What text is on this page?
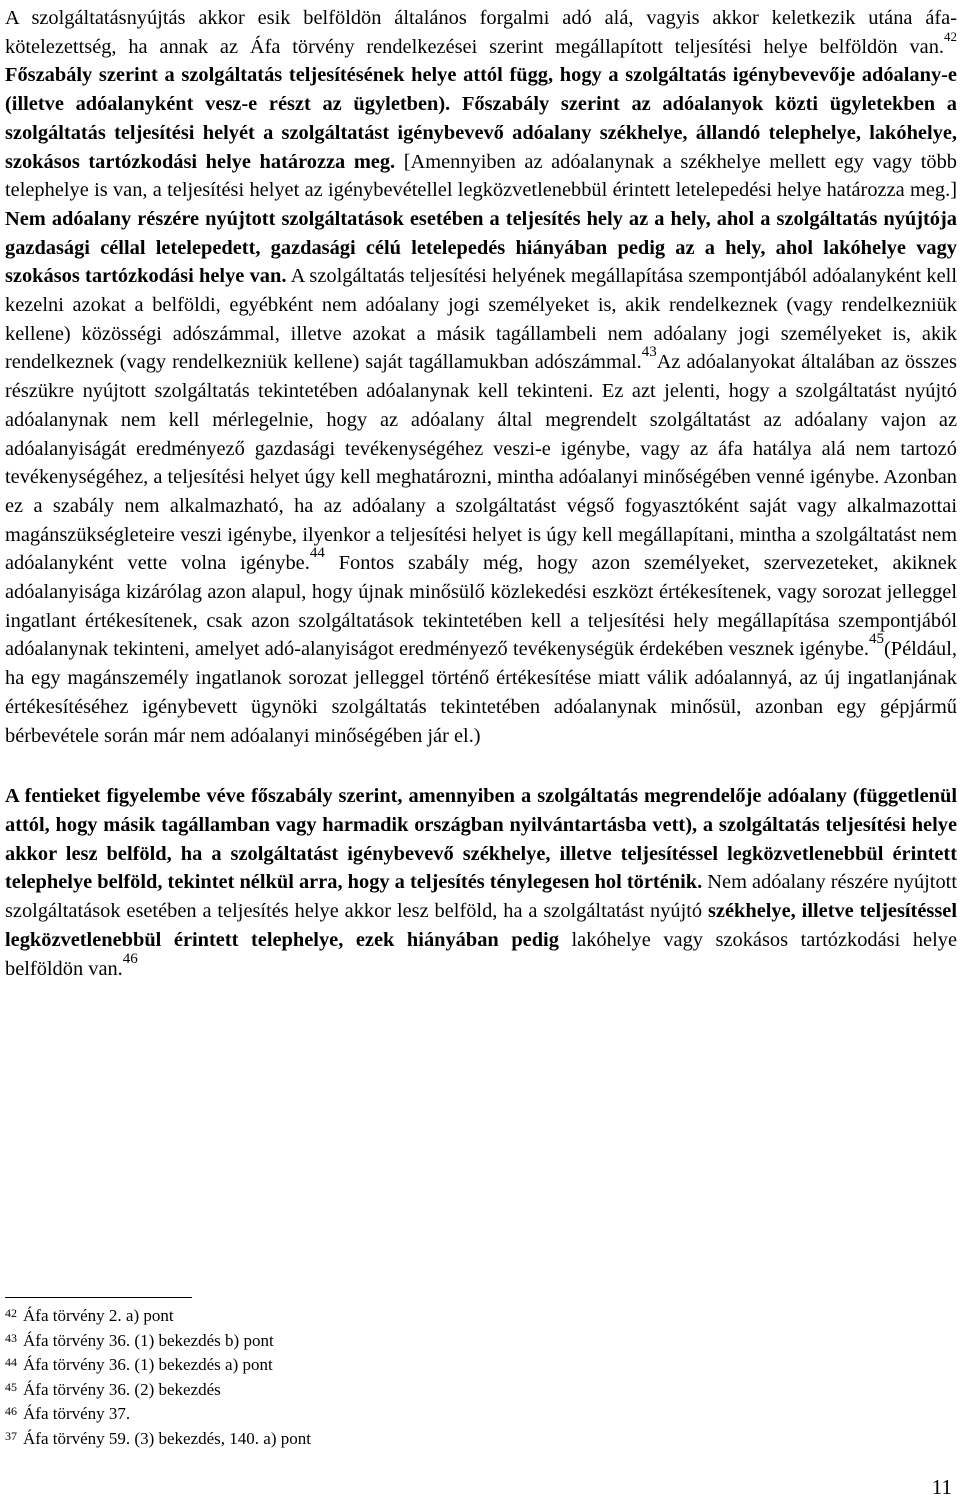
A szolgáltatásnyújtás akkor esik belföldön általános forgalmi adó alá, vagyis akkor keletkezik utána áfa-kötelezettség, ha annak az Áfa törvény rendelkezései szerint megállapított teljesítési helye belföldön van.$^{42}$ Főszabály szerint a szolgáltatás teljesítésének helye attól függ, hogy a szolgáltatás igénybevevője adóalany-e (illetve adóalanyként vesz-e részt az ügyletben). Főszabály szerint az adóalanyok közti ügyletekben a szolgáltatás teljesítési helyét a szolgáltatást igénybevevő adóalany székhelye, állandó telephelye, lakóhelye, szokásos tartózkodási helye határozza meg. [Amennyiben az adóalanynak a székhelye mellett egy vagy több telephelye is van, a teljesítési helyet az igénybevétellel legközvetlenebbül érintett letelepedési helye határozza meg.] Nem adóalany részére nyújtott szolgáltatások esetében a teljesítés hely az a hely, ahol a szolgáltatás nyújtója gazdasági céllal letelepedett, gazdasági célú letelepedés hiányában pedig az a hely, ahol lakóhelye vagy szokásos tartózkodási helye van. A szolgáltatás teljesítési helyének megállapítása szempontjából adóalanyként kell kezelni azokat a belföldi, egyébként nem adóalany jogi személyeket is, akik rendelkeznek (vagy rendelkezniük kellene) közösségi adószámmal, illetve azokat a másik tagállambeli nem adóalany jogi személyeket is, akik rendelkeznek (vagy rendelkezniük kellene) saját tagállamukban adószámmal.$^{43}$Az adóalanyokat általában az összes részükre nyújtott szolgáltatás tekintetében adóalanynak kell tekinteni. Ez azt jelenti, hogy a szolgáltatást nyújtó adóalanynak nem kell mérlegelnie, hogy az adóalany által megrendelt szolgáltatást az adóalany vajon az adóalanyiságát eredményező gazdasági tevékenységéhez veszi-e igénybe, vagy az áfa hatálya alá nem tartozó tevékenységéhez, a teljesítési helyet úgy kell meghatározni, mintha adóalanyi minőségében venné igénybe. Azonban ez a szabály nem alkalmazható, ha az adóalany a szolgáltatást végső fogyasztóként saját vagy alkalmazottai magánszükségleteire veszi igénybe, ilyenkor a teljesítési helyet is úgy kell megállapítani, mintha a szolgáltatást nem adóalanyként vette volna igénybe.$^{44}$ Fontos szabály még, hogy azon személyeket, szervezeteket, akiknek adóalanyisága kizárólag azon alapul, hogy újnak minősülő közlekedési eszközt értékesítenek, vagy sorozat jelleggel ingatlant értékesítenek, csak azon szolgáltatások tekintetében kell a teljesítési hely megállapítása szempontjából adóalanynak tekinteni, amelyet adó-alanyiságot eredményező tevékenységük érdekében vesznek igénybe.$^{45}$(Például, ha egy magánszemély ingatlanok sorozat jelleggel történő értékesítése miatt válik adóalannyá, az új ingatlanjának értékesítéséhez igénybevett ügynöki szolgáltatás tekintetében adóalanynak minősül, azonban egy gépjármű bérbevétele során már nem adóalanyi minőségében jár el.)

A fentieket figyelembe véve főszabály szerint, amennyiben a szolgáltatás megrendelője adóalany (függetlenül attól, hogy másik tagállamban vagy harmadik országban nyilvántartásba vett), a szolgáltatás teljesítési helye akkor lesz belföld, ha a szolgáltatást igénybevevő székhelye, illetve teljesítéssel legközvetlenebbül érintett telephelye belföld, tekintet nélkül arra, hogy a teljesítés ténylegesen hol történik. Nem adóalany részére nyújtott szolgáltatások esetében a teljesítés helye akkor lesz belföld, ha a szolgáltatást nyújtó székhelye, illetve teljesítéssel legközvetlenebbül érintett telephelye, ezek hiányában pedig lakóhelye vagy szokásos tartózkodási helye belföldön van.$^{46}$

$^{42}$ Áfa törvény 2. a) pont

$^{43}$ Áfa törvény 36. (1) bekezdés b) pont

$^{44}$ Áfa törvény 36. (1) bekezdés a) pont

$^{45}$ Áfa törvény 36. (2) bekezdés

$^{46}$ Áfa törvény 37.

$^{37}$ Áfa törvény 59. (3) bekezdés, 140. a) pont

11
